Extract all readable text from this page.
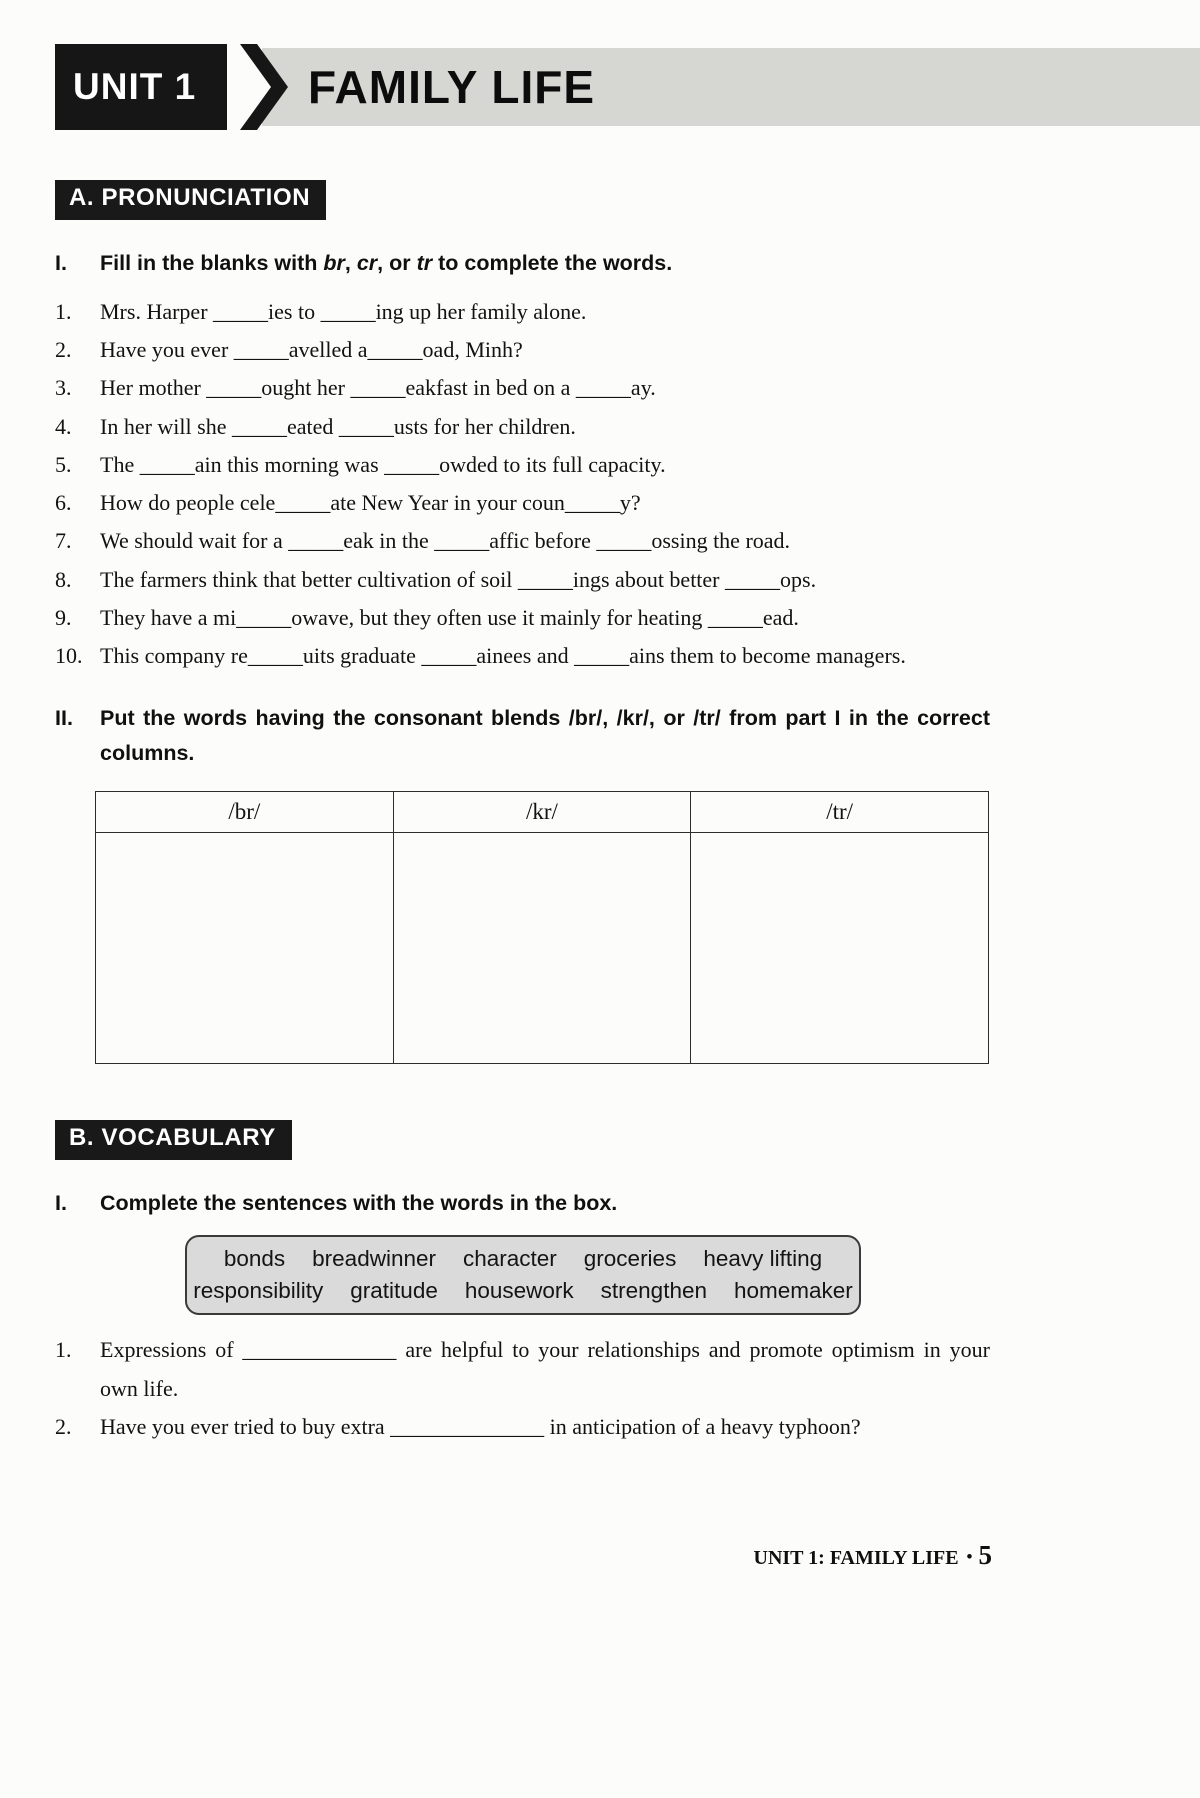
UNIT 1 FAMILY LIFE
A. PRONUNCIATION
I.	Fill in the blanks with br, cr, or tr to complete the words.
1.	Mrs. Harper _____ies to _____ing up her family alone.
2.	Have you ever _____avelled a_____oad, Minh?
3.	Her mother _____ought her _____eakfast in bed on a _____ay.
4.	In her will she _____eated _____usts for her children.
5.	The _____ain this morning was _____owded to its full capacity.
6.	How do people cele_____ate New Year in your coun_____y?
7.	We should wait for a _____eak in the _____affic before _____ossing the road.
8.	The farmers think that better cultivation of soil _____ings about better _____ops.
9.	They have a mi_____owave, but they often use it mainly for heating _____ead.
10. This company re_____uits graduate _____ainees and _____ains them to become managers.
II.	Put the words having the consonant blends /br/, /kr/, or /tr/ from part I in the correct columns.
/br/	/kr/	/tr/

B. VOCABULARY
I.	Complete the sentences with the words in the box.
bonds breadwinner character groceries heavy lifting
responsibility gratitude housework strengthen homemaker
1.	Expressions of ______________ are helpful to your relationships and promote optimism in your own life.
2.	Have you ever tried to buy extra ______________ in anticipation of a heavy typhoon?
UNIT 1: FAMILY LIFE • 5
